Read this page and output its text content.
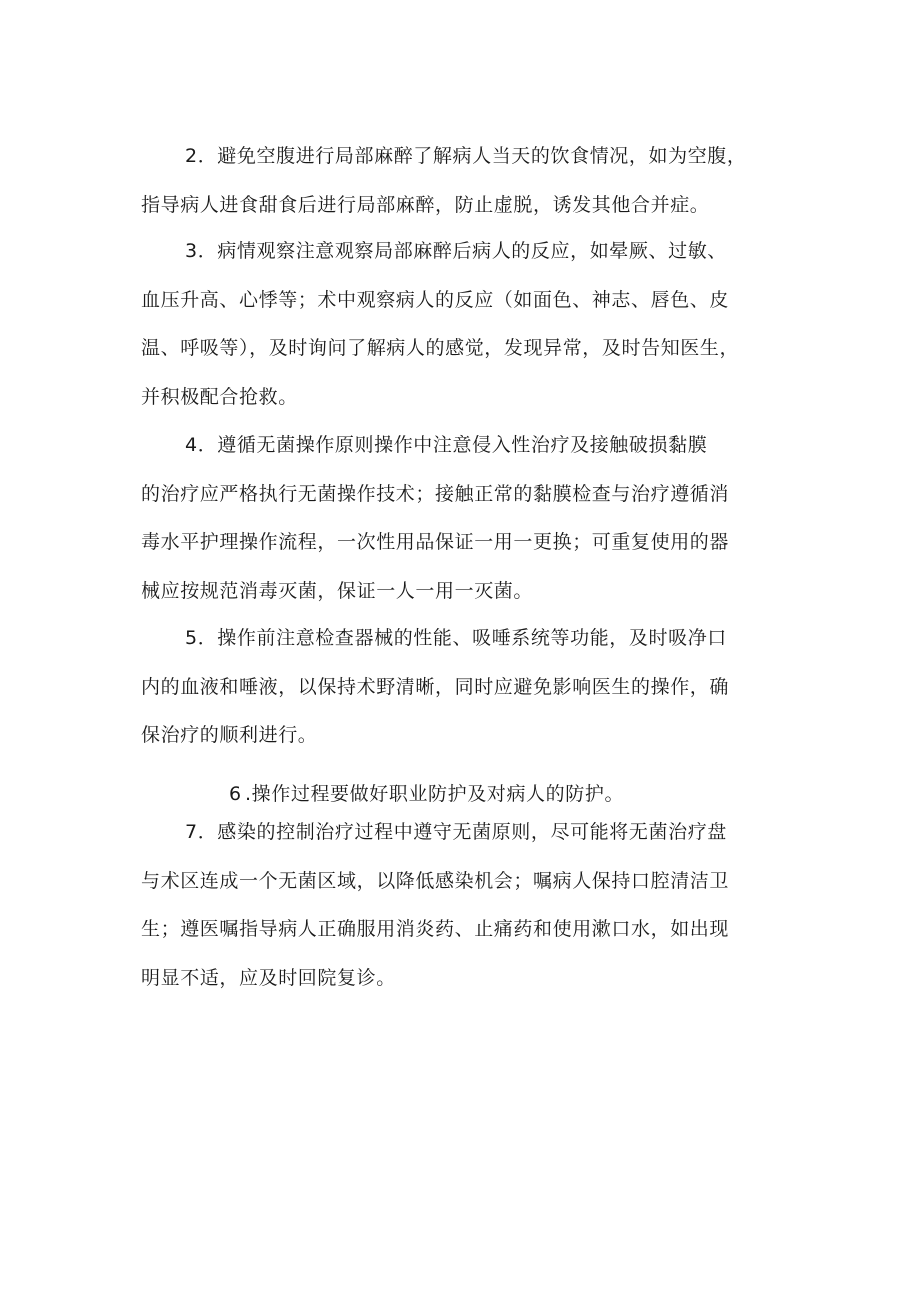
2．避免空腹进行局部麻醉了解病人当天的饮食情况，如为空腹，
指导病人进食甜食后进行局部麻醉，防止虚脱，诱发其他合并症。

3．病情观察注意观察局部麻醉后病人的反应，如晕厥、过敏、
血压升高、心悸等；术中观察病人的反应（如面色、神志、唇色、皮
温、呼吸等），及时询问了解病人的感觉，发现异常，及时告知医生，
并积极配合抢救。

4．遵循无菌操作原则操作中注意侵入性治疗及接触破损黏膜
的治疗应严格执行无菌操作技术；接触正常的黏膜检查与治疗遵循消
毒水平护理操作流程，一次性用品保证一用一更换；可重复使用的器
械应按规范消毒灭菌，保证一人一用一灭菌。

5．操作前注意检查器械的性能、吸唾系统等功能，及时吸净口
内的血液和唾液，以保持术野清晰，同时应避免影响医生的操作，确
保治疗的顺利进行。

6 .操作过程要做好职业防护及对病人的防护。

7．感染的控制治疗过程中遵守无菌原则，尽可能将无菌治疗盘
与术区连成一个无菌区域，以降低感染机会；嘱病人保持口腔清洁卫
生；遵医嘱指导病人正确服用消炎药、止痛药和使用漱口水，如出现
明显不适，应及时回院复诊。
